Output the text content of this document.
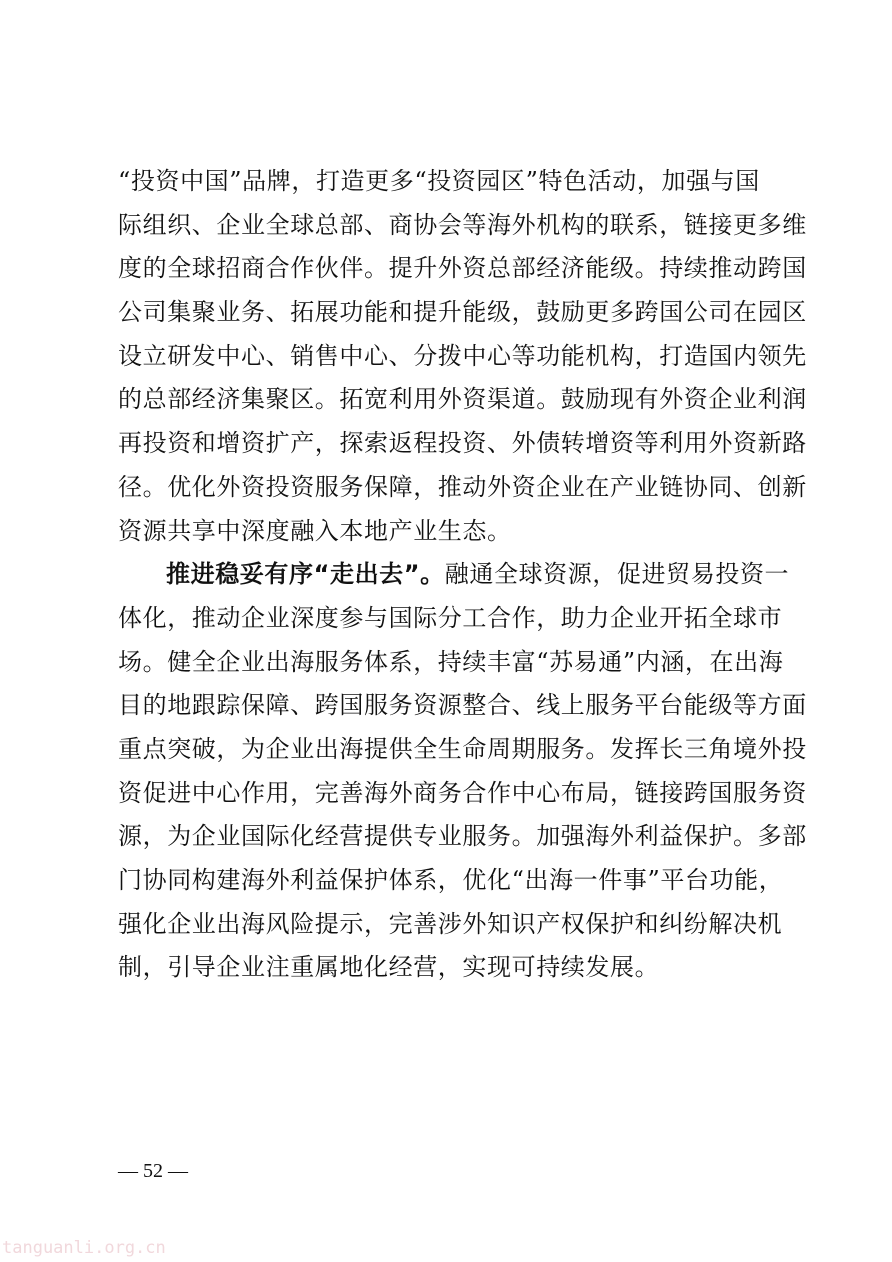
“投资中国”品牌，打造更多“投资园区”特色活动，加强与国
际组织、企业全球总部、商协会等海外机构的联系，链接更多维
度的全球招商合作伙伴。提升外资总部经济能级。持续推动跨国
公司集聚业务、拓展功能和提升能级，鼓励更多跨国公司在园区
设立研发中心、销售中心、分拨中心等功能机构，打造国内领先
的总部经济集聚区。拓宽利用外资渠道。鼓励现有外资企业利润
再投资和增资扩产，探索返程投资、外债转增资等利用外资新路
径。优化外资投资服务保障，推动外资企业在产业链协同、创新
资源共享中深度融入本地产业生态。
推进稳妥有序“走出去”。融通全球资源，促进贸易投资一
体化，推动企业深度参与国际分工合作，助力企业开拓全球市
场。健全企业出海服务体系，持续丰富“苏易通”内涵，在出海
目的地跟踪保障、跨国服务资源整合、线上服务平台能级等方面
重点突破，为企业出海提供全生命周期服务。发挥长三角境外投
资促进中心作用，完善海外商务合作中心布局，链接跨国服务资
源，为企业国际化经营提供专业服务。加强海外利益保护。多部
门协同构建海外利益保护体系，优化“出海一件事”平台功能，
强化企业出海风险提示，完善涉外知识产权保护和纠纷解决机
制，引导企业注重属地化经营，实现可持续发展。
— 52 —
tanguanli.org.cn
